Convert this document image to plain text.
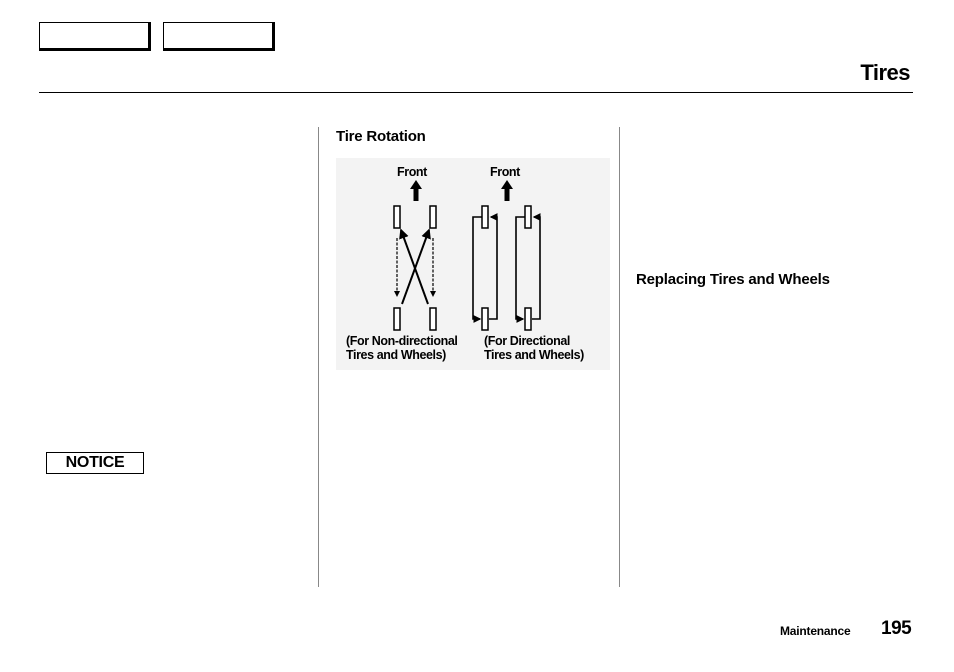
Tires
Tire Rotation
Front	Front
(For Non-directional
Tires and Wheels)
(For Directional
Tires and Wheels)
Replacing Tires and Wheels
NOTICE
Maintenance 195
